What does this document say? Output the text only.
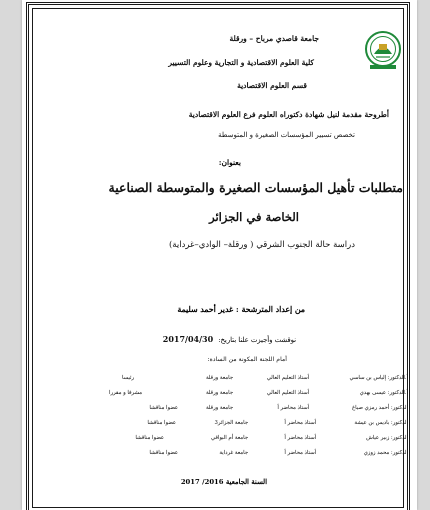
جامعة قاصدي مرباح – ورقلة
كلية العلوم الاقتصادية و التجارية وعلوم التسيير
قسم العلوم الاقتصادية
أطروحة مقدمة لنيل شهادة دكتوراه العلوم فرع العلوم الاقتصادية
تخصص تسيير المؤسسات الصغيرة و المتوسطة
بعنوان:
متطلبات تأهيل المؤسسات الصغيرة والمتوسطة الصناعية
الخاصة في الجزائر
دراسة حالة الجنوب الشرقي ( ورقلة– الوادي–غرداية)
من إعداد المترشحة : غدير أحمد سليمة
نوقشت وأجيزت علنا بتاريخ: 2017/04/30
أمام اللجنة المكونة من السادة:
أ.الدكتور: إلياس بن ساسي
أستاذ التعليم العالي
جامعة ورقلة
رئيسا
أ.الدكتور: عيسى بهدي
أستاذ التعليم العالي
جامعة ورقلة
مشرفا و مقررا
الدكتور: أحمد رمزي صياغ
أستاذ محاضر أ
جامعة ورقلة
عضوا مناقشا
الدكتور: باديس بن عيشة
أستاذ محاضر أ
جامعة الجزائر3
عضوا مناقشا
الدكتور: زبير عياش
أستاذ محاضر أ
جامعة أم البواقي
عضوا مناقشا
الدكتور: محمد زوزي
أستاذ محاضر أ
جامعة غرداية
عضوا مناقشا
السنة الجامعية 2016/ 2017
